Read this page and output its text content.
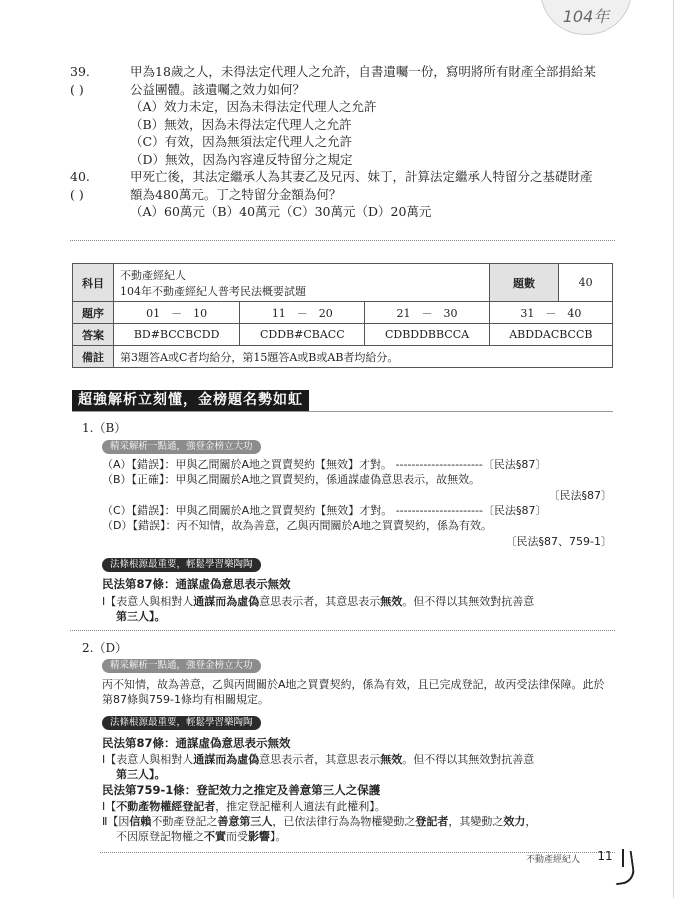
104年
39. ( )
甲為18歲之人，未得法定代理人之允許，自書遺囑一份，寫明將所有財產全部捐給某
公益團體。該遺囑之效力如何？
（A）效力未定，因為未得法定代理人之允許
（B）無效，因為未得法定代理人之允許
（C）有效，因為無須法定代理人之允許
（D）無效，因為內容違反特留分之規定
40. ( )
甲死亡後，其法定繼承人為其妻乙及兄丙、妹丁，計算法定繼承人特留分之基礎財產
額為480萬元。丁之特留分金額為何？
（A）60萬元（B）40萬元（C）30萬元（D）20萬元
科目	不動產經紀人
104年不動產經紀人普考民法概要試題			題數	40
題序	01　－　10	11　－　20	21　－　30	31　－　40	
答案	BD#BCCBCDD	CDDB#CBACC	CDBDDBBCCA	ABDDACBCCB	
備註	第3題答A或C者均給分，第15題答A或B或AB者均給分。				
超強解析立刻懂，金榜題名勢如虹
1.（B）
精采解析一點通，強登金榜立大功
（A）【錯誤】：甲與乙間關於A地之買賣契約【無效】才對。 ----------------------〔民法§87〕
（B）【正確】：甲與乙間關於A地之買賣契約，係通謀虛偽意思表示，故無效。
〔民法§87〕
（C）【錯誤】：甲與乙間關於A地之買賣契約【無效】才對。 ----------------------〔民法§87〕
（D）【錯誤】：丙不知情，故為善意，乙與丙間關於A地之買賣契約，係為有效。
〔民法§87、759-1〕
法條根源最重要，輕鬆學習樂陶陶
民法第87條：通謀虛偽意思表示無效
Ⅰ【表意人與相對人通謀而為虛偽意思表示者，其意思表示無效。但不得以其無效對抗善意
第三人】。
2.（D）
精采解析一點通，強登金榜立大功
丙不知情，故為善意，乙與丙間關於A地之買賣契約，係為有效，且已完成登記，故丙受法律保障。此於第87條與759-1條均有相關規定。
法條根源最重要，輕鬆學習樂陶陶
民法第87條：通謀虛偽意思表示無效
Ⅰ【表意人與相對人通謀而為虛偽意思表示者，其意思表示無效。但不得以其無效對抗善意
第三人】。
民法第759-1條：登記效力之推定及善意第三人之保護
Ⅰ【不動產物權經登記者，推定登記權利人適法有此權利】。
Ⅱ【因信賴不動產登記之善意第三人，已依法律行為為物權變動之登記者，其變動之效力，
不因原登記物權之不實而受影響】。
不動產經紀人	11
